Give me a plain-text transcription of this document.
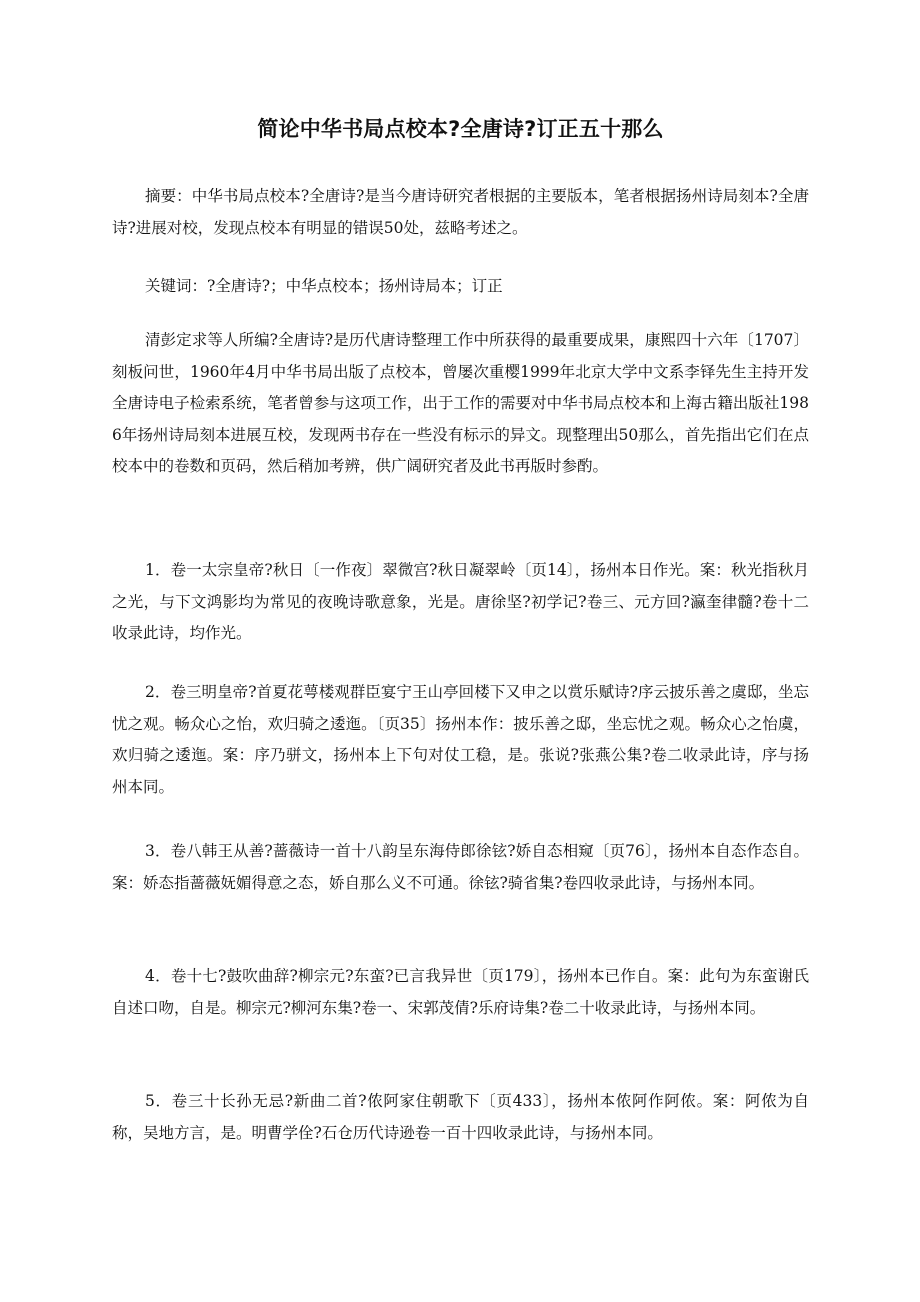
简论中华书局点校本?全唐诗?订正五十那么

摘要：中华书局点校本?全唐诗?是当今唐诗研究者根据的主要版本，笔者根据扬州诗局刻本?全唐诗?进展对校，发现点校本有明显的错误50处，兹略考述之。

关键词：?全唐诗?；中华点校本；扬州诗局本；订正

清彭定求等人所编?全唐诗?是历代唐诗整理工作中所获得的最重要成果，康熙四十六年〔1707〕刻板问世，1960年4月中华书局出版了点校本，曾屡次重樱1999年北京大学中文系李铎先生主持开发全唐诗电子检索系统，笔者曾参与这项工作，出于工作的需要对中华书局点校本和上海古籍出版社1986年扬州诗局刻本进展互校，发现两书存在一些没有标示的异文。现整理出50那么，首先指出它们在点校本中的卷数和页码，然后稍加考辨，供广阔研究者及此书再版时参酌。

1．卷一太宗皇帝?秋日〔一作夜〕翠微宫?秋日凝翠岭〔页14〕，扬州本日作光。案：秋光指秋月之光，与下文鸿影均为常见的夜晚诗歌意象，光是。唐徐坚?初学记?卷三、元方回?瀛奎律髓?卷十二收录此诗，均作光。

2．卷三明皇帝?首夏花萼楼观群臣宴宁王山亭回楼下又申之以赏乐赋诗?序云披乐善之虞邸，坐忘忧之观。畅众心之怡，欢归骑之逶迤。〔页35〕扬州本作：披乐善之邸，坐忘忧之观。畅众心之怡虞，欢归骑之逶迤。案：序乃骈文，扬州本上下句对仗工稳，是。张说?张燕公集?卷二收录此诗，序与扬州本同。

3．卷八韩王从善?蔷薇诗一首十八韵呈东海侍郎徐铉?娇自态相窥〔页76〕，扬州本自态作态自。案：娇态指蔷薇妩媚得意之态，娇自那么义不可通。徐铉?骑省集?卷四收录此诗，与扬州本同。

4．卷十七?鼓吹曲辞?柳宗元?东蛮?已言我异世〔页179〕，扬州本已作自。案：此句为东蛮谢氏自述口吻，自是。柳宗元?柳河东集?卷一、宋郭茂倩?乐府诗集?卷二十收录此诗，与扬州本同。

5．卷三十长孙无忌?新曲二首?侬阿家住朝歌下〔页433〕，扬州本侬阿作阿侬。案：阿侬为自称，吴地方言，是。明曹学佺?石仓历代诗逊卷一百十四收录此诗，与扬州本同。
